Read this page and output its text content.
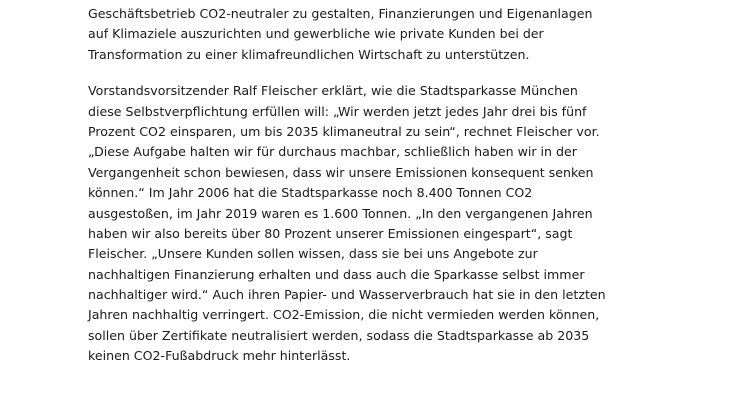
Geschäftsbetrieb CO2-neutraler zu gestalten, Finanzierungen und Eigenanlagen
auf Klimaziele auszurichten und gewerbliche wie private Kunden bei der
Transformation zu einer klimafreundlichen Wirtschaft zu unterstützen.

Vorstandsvorsitzender Ralf Fleischer erklärt, wie die Stadtsparkasse München
diese Selbstverpflichtung erfüllen will: „Wir werden jetzt jedes Jahr drei bis fünf
Prozent CO2 einsparen, um bis 2035 klimaneutral zu sein“, rechnet Fleischer vor.
„Diese Aufgabe halten wir für durchaus machbar, schließlich haben wir in der
Vergangenheit schon bewiesen, dass wir unsere Emissionen konsequent senken
können.“ Im Jahr 2006 hat die Stadtsparkasse noch 8.400 Tonnen CO2
ausgestoßen, im Jahr 2019 waren es 1.600 Tonnen. „In den vergangenen Jahren
haben wir also bereits über 80 Prozent unserer Emissionen eingespart“, sagt
Fleischer. „Unsere Kunden sollen wissen, dass sie bei uns Angebote zur
nachhaltigen Finanzierung erhalten und dass auch die Sparkasse selbst immer
nachhaltiger wird.“ Auch ihren Papier- und Wasserverbrauch hat sie in den letzten
Jahren nachhaltig verringert. CO2-Emission, die nicht vermieden werden können,
sollen über Zertifikate neutralisiert werden, sodass die Stadtsparkasse ab 2035
keinen CO2-Fußabdruck mehr hinterlässt.
